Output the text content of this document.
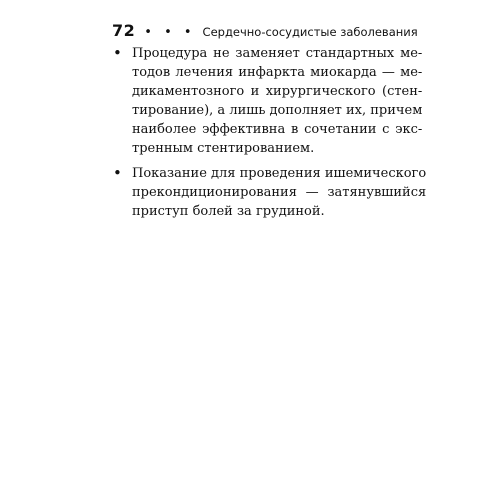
72 • • • Сердечно-сосудистые заболевания
• Процедура не заменяет стандартных ме-
тодов лечения инфаркта миокарда — ме-
дикаментозного и хирургического (стен-
тирование), а лишь дополняет их, причем
наиболее эффективна в сочетании с экс-
тренным стентированием.
• Показание для проведения ишемического
прекондиционирования — затянувшийся
приступ болей за грудиной.
